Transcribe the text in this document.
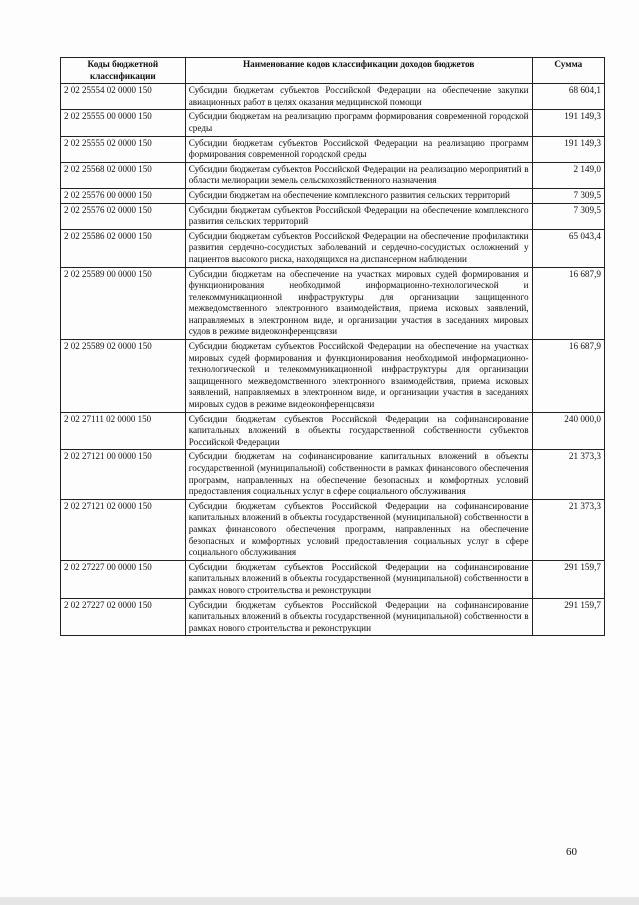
Коды бюджетной классификации	Наименование кодов классификации доходов бюджетов	Сумма
2 02 25554 02 0000 150	Субсидии бюджетам субъектов Российской Федерации на обеспечение закупки авиационных работ в целях оказания медицинской помощи	68 604,1
2 02 25555 00 0000 150	Субсидии бюджетам на реализацию программ формирования современной городской среды	191 149,3
2 02 25555 02 0000 150	Субсидии бюджетам субъектов Российской Федерации на реализацию программ формирования современной городской среды	191 149,3
2 02 25568 02 0000 150	Субсидии бюджетам субъектов Российской Федерации на реализацию мероприятий в области мелиорации земель сельскохозяйственного назначения	2 149,0
2 02 25576 00 0000 150	Субсидии бюджетам на обеспечение комплексного развития сельских территорий	7 309,5
2 02 25576 02 0000 150	Субсидии бюджетам субъектов Российской Федерации на обеспечение комплексного развития сельских территорий	7 309,5
2 02 25586 02 0000 150	Субсидии бюджетам субъектов Российской Федерации на обеспечение профилактики развития сердечно-сосудистых заболеваний и сердечно-сосудистых осложнений у пациентов высокого риска, находящихся на диспансерном наблюдении	65 043,4
2 02 25589 00 0000 150	Субсидии бюджетам на обеспечение на участках мировых судей формирования и функционирования необходимой информационно-технологической и телекоммуникационной инфраструктуры для организации защищенного межведомственного электронного взаимодействия, приема исковых заявлений, направляемых в электронном виде, и организации участия в заседаниях мировых судов в режиме видеоконференцсвязи	16 687,9
2 02 25589 02 0000 150	Субсидии бюджетам субъектов Российской Федерации на обеспечение на участках мировых судей формирования и функционирования необходимой информационно-технологической и телекоммуникационной инфраструктуры для организации защищенного межведомственного электронного взаимодействия, приема исковых заявлений, направляемых в электронном виде, и организации участия в заседаниях мировых судов в режиме видеоконференцсвязи	16 687,9
2 02 27111 02 0000 150	Субсидии бюджетам субъектов Российской Федерации на софинансирование капитальных вложений в объекты государственной собственности субъектов Российской Федерации	240 000,0
2 02 27121 00 0000 150	Субсидии бюджетам на софинансирование капитальных вложений в объекты государственной (муниципальной) собственности в рамках финансового обеспечения программ, направленных на обеспечение безопасных и комфортных условий предоставления социальных услуг в сфере социального обслуживания	21 373,3
2 02 27121 02 0000 150	Субсидии бюджетам субъектов Российской Федерации на софинансирование капитальных вложений в объекты государственной (муниципальной) собственности в рамках финансового обеспечения программ, направленных на обеспечение безопасных и комфортных условий предоставления социальных услуг в сфере социального обслуживания	21 373,3
2 02 27227 00 0000 150	Субсидии бюджетам субъектов Российской Федерации на софинансирование капитальных вложений в объекты государственной (муниципальной) собственности в рамках нового строительства и реконструкции	291 159,7
2 02 27227 02 0000 150	Субсидии бюджетам субъектов Российской Федерации на софинансирование капитальных вложений в объекты государственной (муниципальной) собственности в рамках нового строительства и реконструкции	291 159,7
60
